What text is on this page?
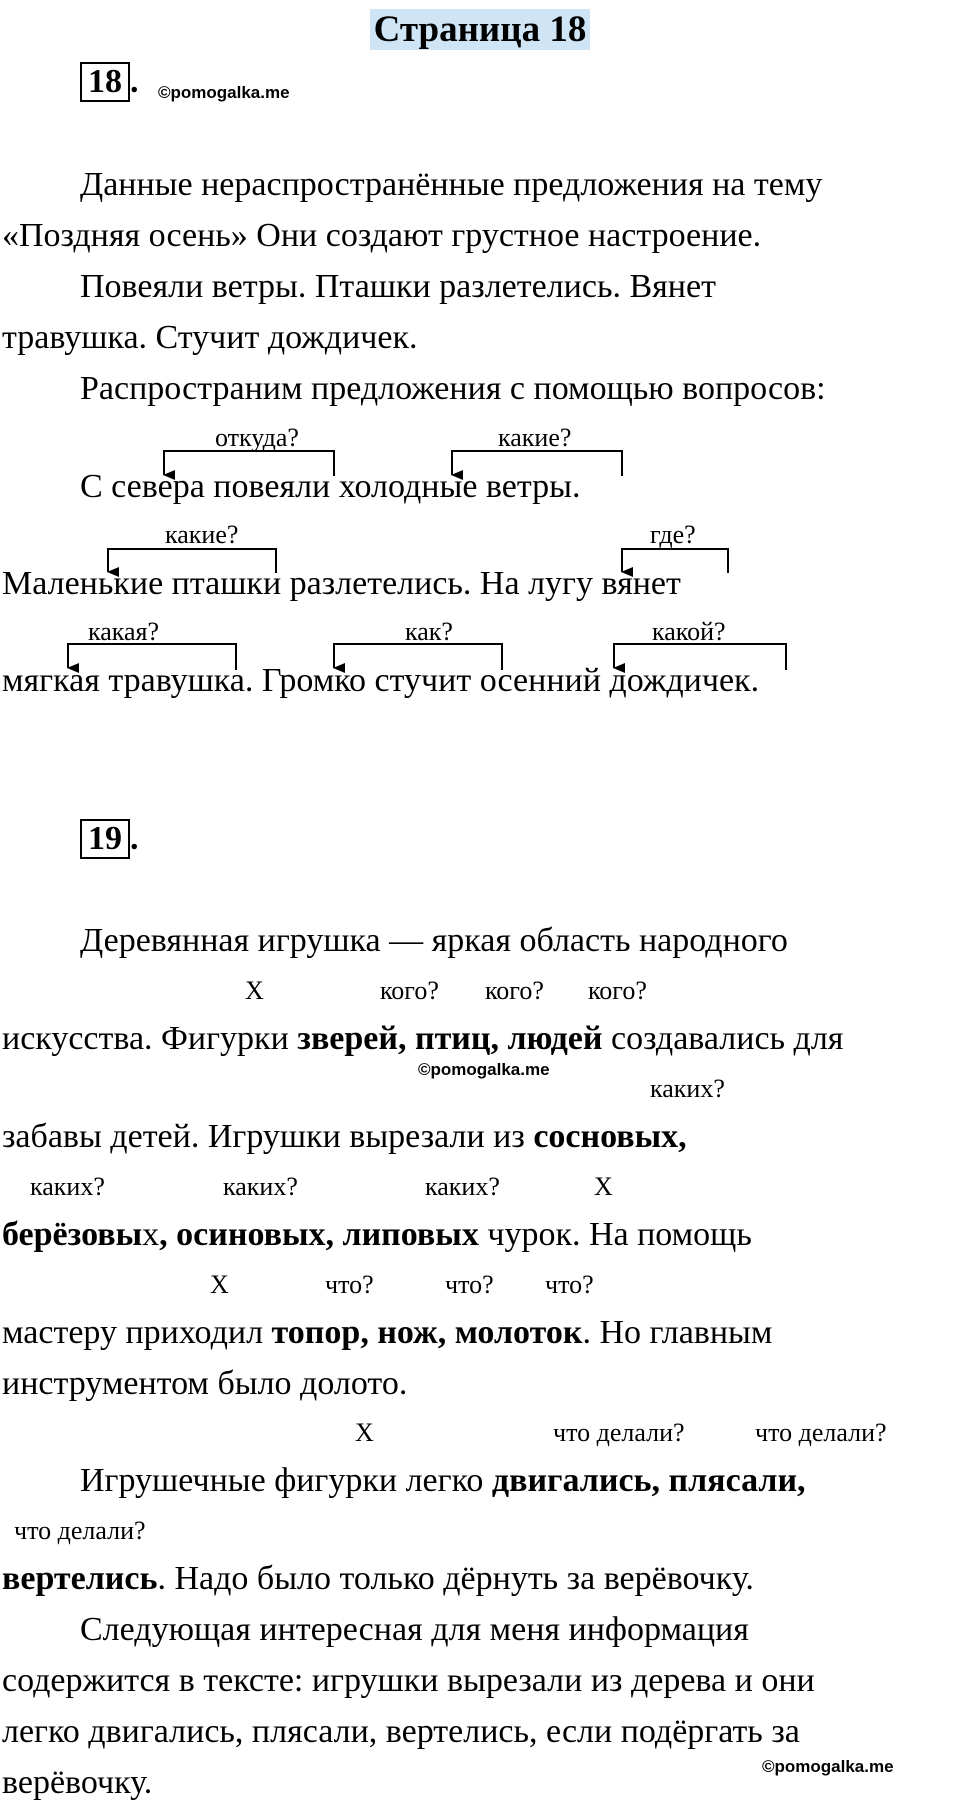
Страница 18
18 . ©pomogalka.me
Данные нераспространённые предложения на тему
«Поздняя осень» Они создают грустное настроение.
Повеяли ветры. Пташки разлетелись. Вянет
травушка. Стучит дождичек.
Распространим предложения с помощью вопросов:
откуда?	какие?
С севера повеяли холодные ветры.
какие?	где?
Маленькие пташки разлетелись. На лугу вянет
какая?	как?	какой?
мягкая травушка. Громко стучит осенний дождичек.
19 .
Деревянная игрушка — яркая область народного
Х	кого? кого? кого?
искусства. Фигурки зверей, птиц, людей создавались для
©pomogalka.me
каких?
забавы детей. Игрушки вырезали из сосновых,
каких?	каких?	каких?	Х
берёзовых, осиновых, липовых чурок. На помощь
Х	что?	что? что?
мастеру приходил топор, нож, молоток. Но главным
инструментом было долото.
Х	что делали?	что делали?
Игрушечные фигурки легко двигались, плясали,
что делали?
вертелись. Надо было только дёрнуть за верёвочку.
Следующая интересная для меня информация
содержится в тексте: игрушки вырезали из дерева и они
легко двигались, плясали, вертелись, если подёргать за
верёвочку.	©pomogalka.me
